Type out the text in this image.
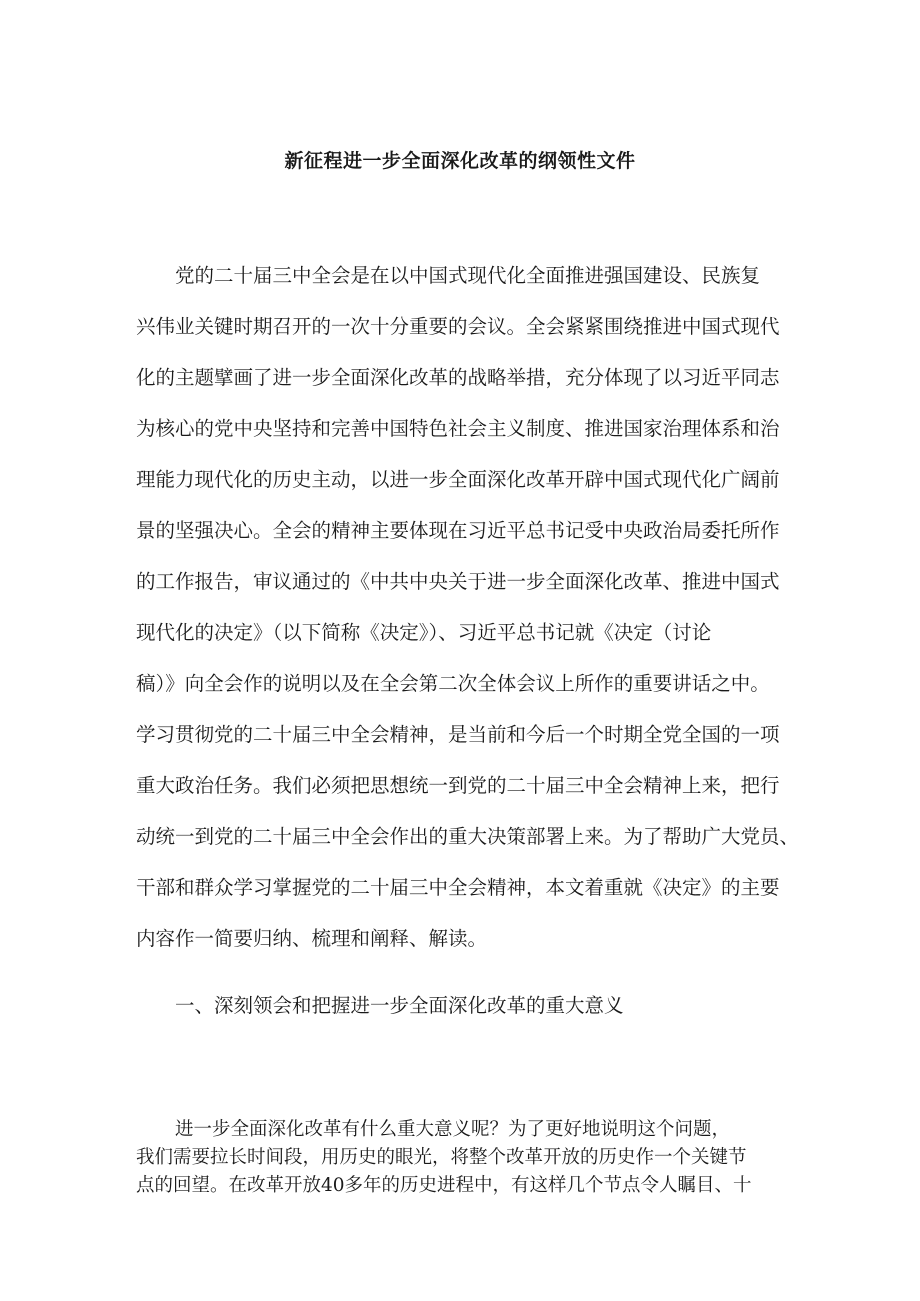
新征程进一步全面深化改革的纲领性文件
党的二十届三中全会是在以中国式现代化全面推进强国建设、民族复
兴伟业关键时期召开的一次十分重要的会议。全会紧紧围绕推进中国式现代
化的主题擘画了进一步全面深化改革的战略举措，充分体现了以习近平同志
为核心的党中央坚持和完善中国特色社会主义制度、推进国家治理体系和治
理能力现代化的历史主动，以进一步全面深化改革开辟中国式现代化广阔前
景的坚强决心。全会的精神主要体现在习近平总书记受中央政治局委托所作
的工作报告，审议通过的《中共中央关于进一步全面深化改革、推进中国式
现代化的决定》（以下简称《决定》）、习近平总书记就《决定（讨论
稿）》向全会作的说明以及在全会第二次全体会议上所作的重要讲话之中。
学习贯彻党的二十届三中全会精神，是当前和今后一个时期全党全国的一项
重大政治任务。我们必须把思想统一到党的二十届三中全会精神上来，把行
动统一到党的二十届三中全会作出的重大决策部署上来。为了帮助广大党员、
干部和群众学习掌握党的二十届三中全会精神，本文着重就《决定》的主要
内容作一简要归纳、梳理和阐释、解读。
一、深刻领会和把握进一步全面深化改革的重大意义
进一步全面深化改革有什么重大意义呢？为了更好地说明这个问题，
我们需要拉长时间段，用历史的眼光，将整个改革开放的历史作一个关键节
点的回望。在改革开放40多年的历史进程中，有这样几个节点令人瞩目、十
